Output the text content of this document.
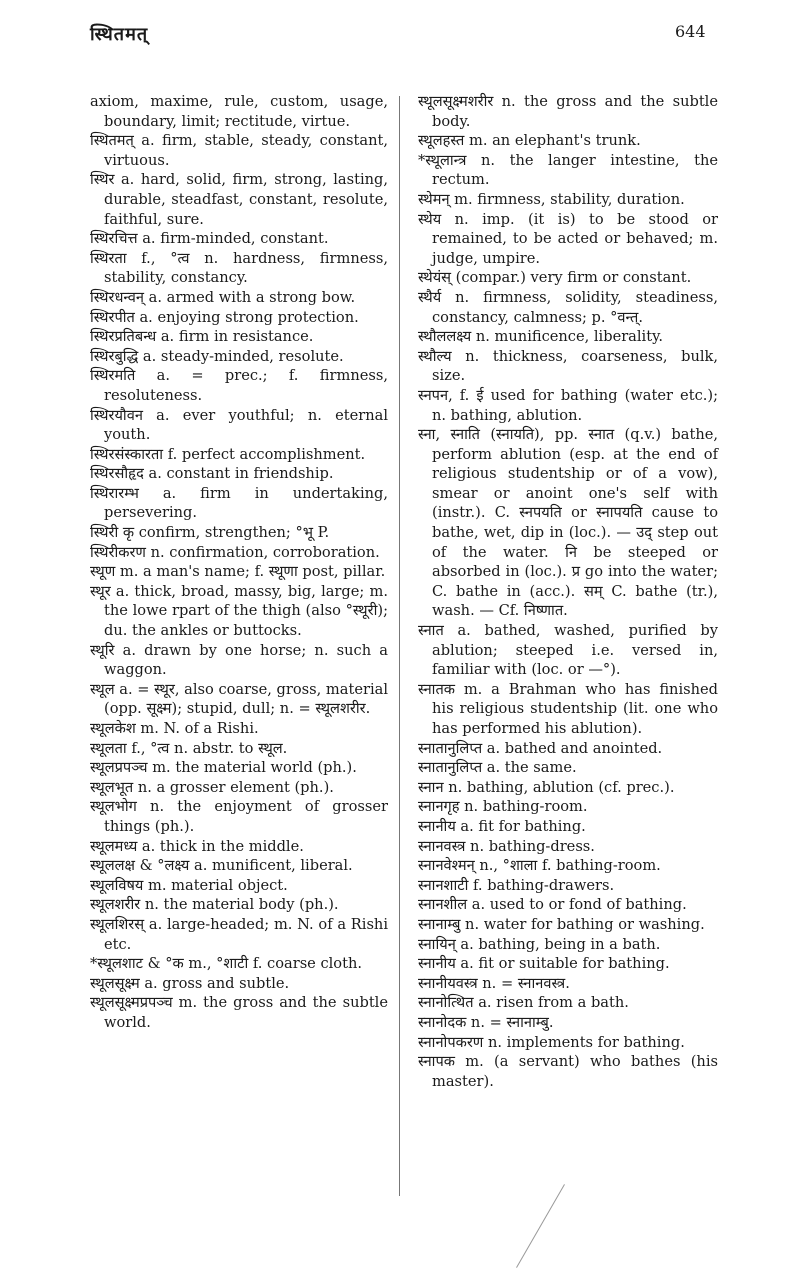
स्थितमत्	644
axiom, maxime, rule, custom, usage, boundary, limit; rectitude, virtue.
स्थितमत् a. firm, stable, steady, constant, virtuous.
स्थिर a. hard, solid, firm, strong, lasting, durable, steadfast, constant, resolute, faithful, sure.
स्थिरचित्त a. firm-minded, constant.
स्थिरता f., °त्व n. hardness, firmness, stability, constancy.
स्थिरधन्वन् a. armed with a strong bow.
स्थिरपीत a. enjoying strong protection.
स्थिरप्रतिबन्ध a. firm in resistance.
स्थिरबुद्धि a. steady-minded, resolute.
स्थिरमति a. = prec.; f. firmness, resoluteness.
स्थिरयौवन a. ever youthful; n. eternal youth.
स्थिरसंस्कारता f. perfect accomplishment.
स्थिरसौहृद a. constant in friendship.
स्थिरारम्भ a. firm in undertaking, persevering.
स्थिरी कृ confirm, strengthen; °भू P.
स्थिरीकरण n. confirmation, corroboration.
स्थूण m. a man's name; f. स्थूणा post, pillar.
स्थूर a. thick, broad, massy, big, large; m. the lowe rpart of the thigh (also °स्थूरी); du. the ankles or buttocks.
स्थूरि a. drawn by one horse; n. such a waggon.
स्थूल a. = स्थूर, also coarse, gross, material (opp. सूक्ष्म); stupid, dull; n. = स्थूलशरीर.
स्थूलकेश m. N. of a Rishi.
स्थूलता f., °त्व n. abstr. to स्थूल.
स्थूलप्रपञ्च m. the material world (ph.).
स्थूलभूत n. a grosser element (ph.).
स्थूलभोग n. the enjoyment of grosser things (ph.).
स्थूलमध्य a. thick in the middle.
स्थूललक्ष & °लक्ष्य a. munificent, liberal.
स्थूलविषय m. material object.
स्थूलशरीर n. the material body (ph.).
स्थूलशिरस् a. large-headed; m. N. of a Rishi etc.
*स्थूलशाट & °क m., °शाटी f. coarse cloth.
स्थूलसूक्ष्म a. gross and subtle.
स्थूलसूक्ष्मप्रपञ्च m. the gross and the subtle world.
स्थूलसूक्ष्मशरीर n. the gross and the subtle body.
स्थूलहस्त m. an elephant's trunk.
*स्थूलान्त्र n. the langer intestine, the rectum.
स्थेमन् m. firmness, stability, duration.
स्थेय n. imp. (it is) to be stood or remained, to be acted or behaved; m. judge, umpire.
स्थेयंस् (compar.) very firm or constant.
स्थैर्य n. firmness, solidity, steadiness, constancy, calmness; p. °वन्त्.
स्थौललक्ष्य n. munificence, liberality.
स्थौल्य n. thickness, coarseness, bulk, size.
स्नपन, f. ई used for bathing (water etc.); n. bathing, ablution.
स्ना, स्नाति (स्नायति), pp. स्नात (q.v.) bathe, perform ablution (esp. at the end of religious studentship or of a vow), smear or anoint one's self with (instr.). C. स्नपयति or स्नापयति cause to bathe, wet, dip in (loc.). — उद् step out of the water. नि be steeped or absorbed in (loc.). प्र go into the water; C. bathe in (acc.). सम् C. bathe (tr.), wash. — Cf. निष्णात.
स्नात a. bathed, washed, purified by ablution; steeped i.e. versed in, familiar with (loc. or —°).
स्नातक m. a Brahman who has finished his religious studentship (lit. one who has performed his ablution).
स्नातानुलिप्त a. bathed and anointed.
स्नातानुलिप्त a. the same.
स्नान n. bathing, ablution (cf. prec.).
स्नानगृह n. bathing-room.
स्नानीय a. fit for bathing.
स्नानवस्त्र n. bathing-dress.
स्नानवेश्मन् n., °शाला f. bathing-room.
स्नानशाटी f. bathing-drawers.
स्नानशील a. used to or fond of bathing.
स्नानाम्बु n. water for bathing or washing.
स्नायिन् a. bathing, being in a bath.
स्नानीय a. fit or suitable for bathing.
स्नानीयवस्त्र n. = स्नानवस्त्र.
स्नानोत्थित a. risen from a bath.
स्नानोदक n. = स्नानाम्बु.
स्नानोपकरण n. implements for bathing.
स्नापक m. (a servant) who bathes (his master).
